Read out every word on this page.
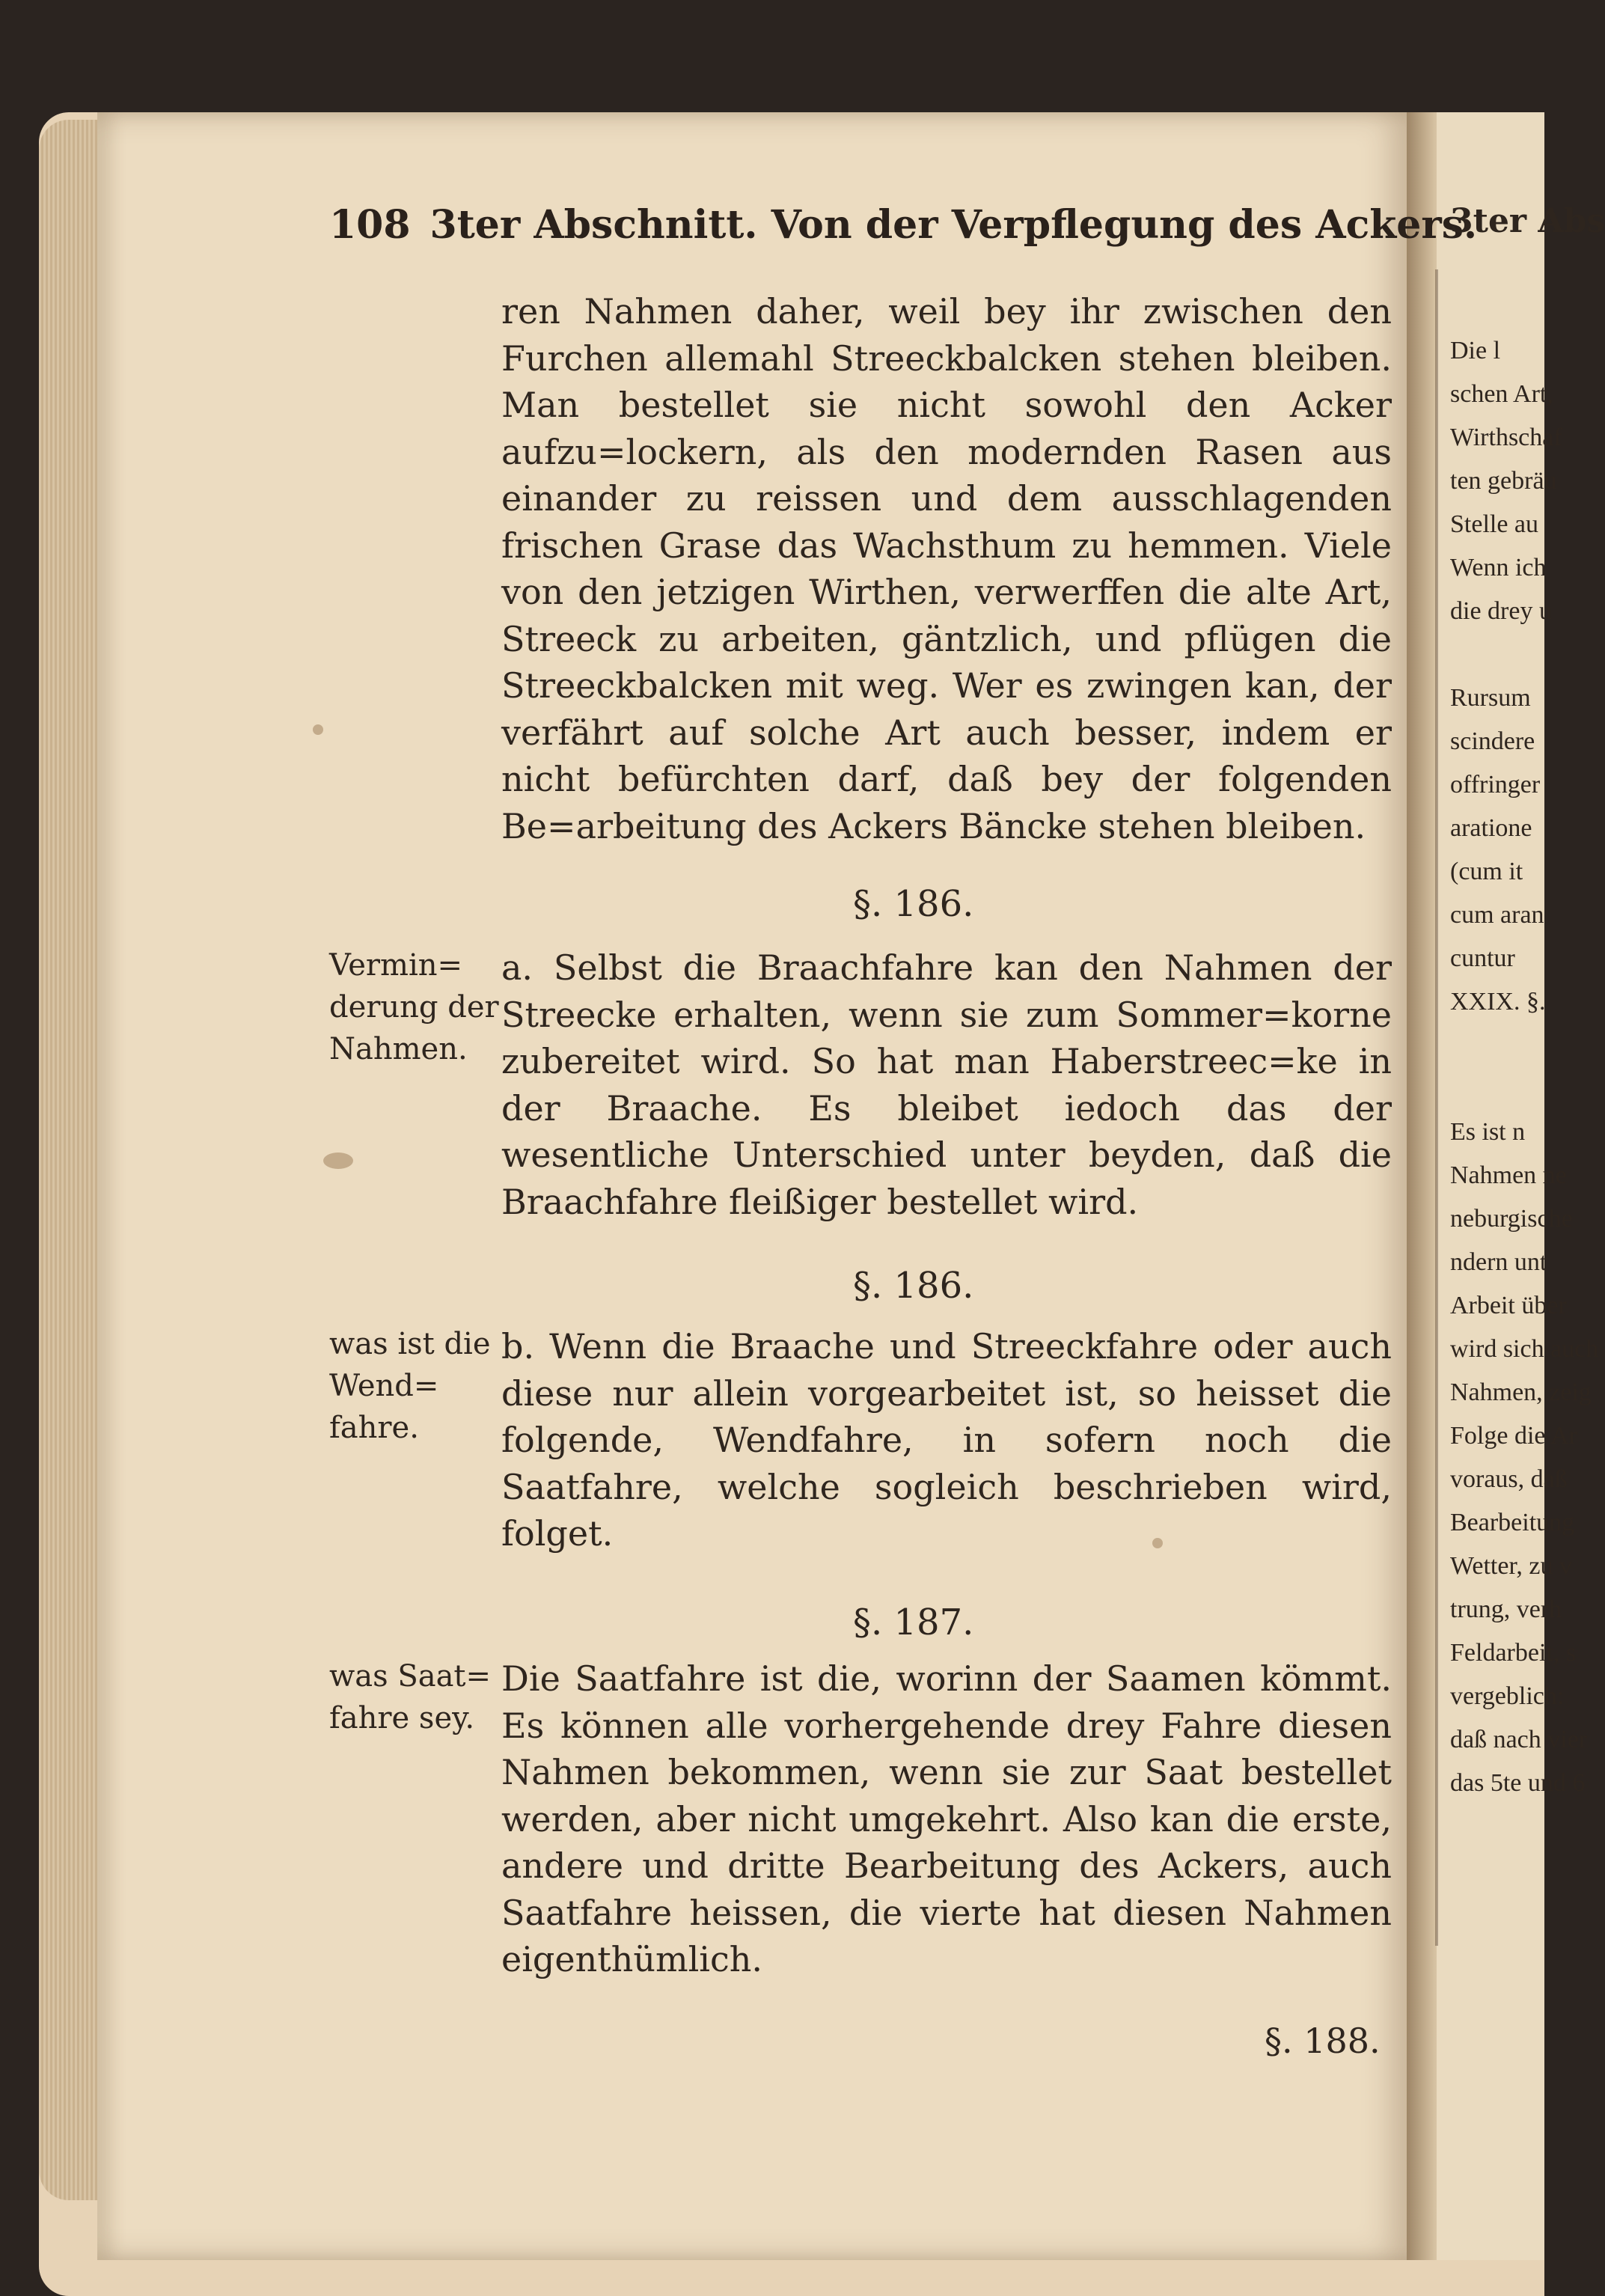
108 3ter Abschnitt. Von der Verpflegung des Ackers.
ren Nahmen daher, weil bey ihr zwischen den Furchen allemahl Streeckbalcken stehen bleiben. Man bestellet sie nicht sowohl den Acker aufzu=lockern, als den modernden Rasen aus einander zu reissen und dem ausschlagenden frischen Grase das Wachsthum zu hemmen. Viele von den jetzigen Wirthen, verwerffen die alte Art, Streeck zu arbeiten, gäntzlich, und pflügen die Streeckbalcken mit weg. Wer es zwingen kan, der verfährt auf solche Art auch besser, indem er nicht befürchten darf, daß bey der folgenden Be=arbeitung des Ackers Bäncke stehen bleiben.
§. 186.
Vermin= derung der Nahmen.
a. Selbst die Braachfahre kan den Nahmen der Streecke erhalten, wenn sie zum Sommer=korne zubereitet wird. So hat man Haberstreec=ke in der Braache. Es bleibet iedoch das der wesentliche Unterschied unter beyden, daß die Braachfahre fleißiger bestellet wird.
§. 186.
was ist die Wend= fahre.
b. Wenn die Braache und Streeckfahre oder auch diese nur allein vorgearbeitet ist, so heisset die folgende, Wendfahre, in sofern noch die Saatfahre, welche sogleich beschrieben wird, folget.
§. 187.
was Saat= fahre sey.
Die Saatfahre ist die, worinn der Saamen kömmt. Es können alle vorhergehende drey Fahre diesen Nahmen bekommen, wenn sie zur Saat bestellet werden, aber nicht umgekehrt. Also kan die erste, andere und dritte Bearbeitung des Ackers, auch Saatfahre heissen, die vierte hat diesen Nahmen eigenthümlich.
§. 188.
3ter Abs
Die l
schen Art,
Wirthschaf
ten gebräu
Stelle au
Wenn ich
die drey u

Rursum
scindere
offringer
aratione
(cum it
cum aran
cuntur
XXIX. §.

Es ist n
Nahmen ne
neburgische
ndern unt
Arbeit über
wird sich auch
Nahmen, zeig
Folge die Ar
voraus, daß
Bearbeitung
Wetter, zu v
trung, verh
Feldarbeit, s
vergeblich:
daß nach vier
das 5te und 6
